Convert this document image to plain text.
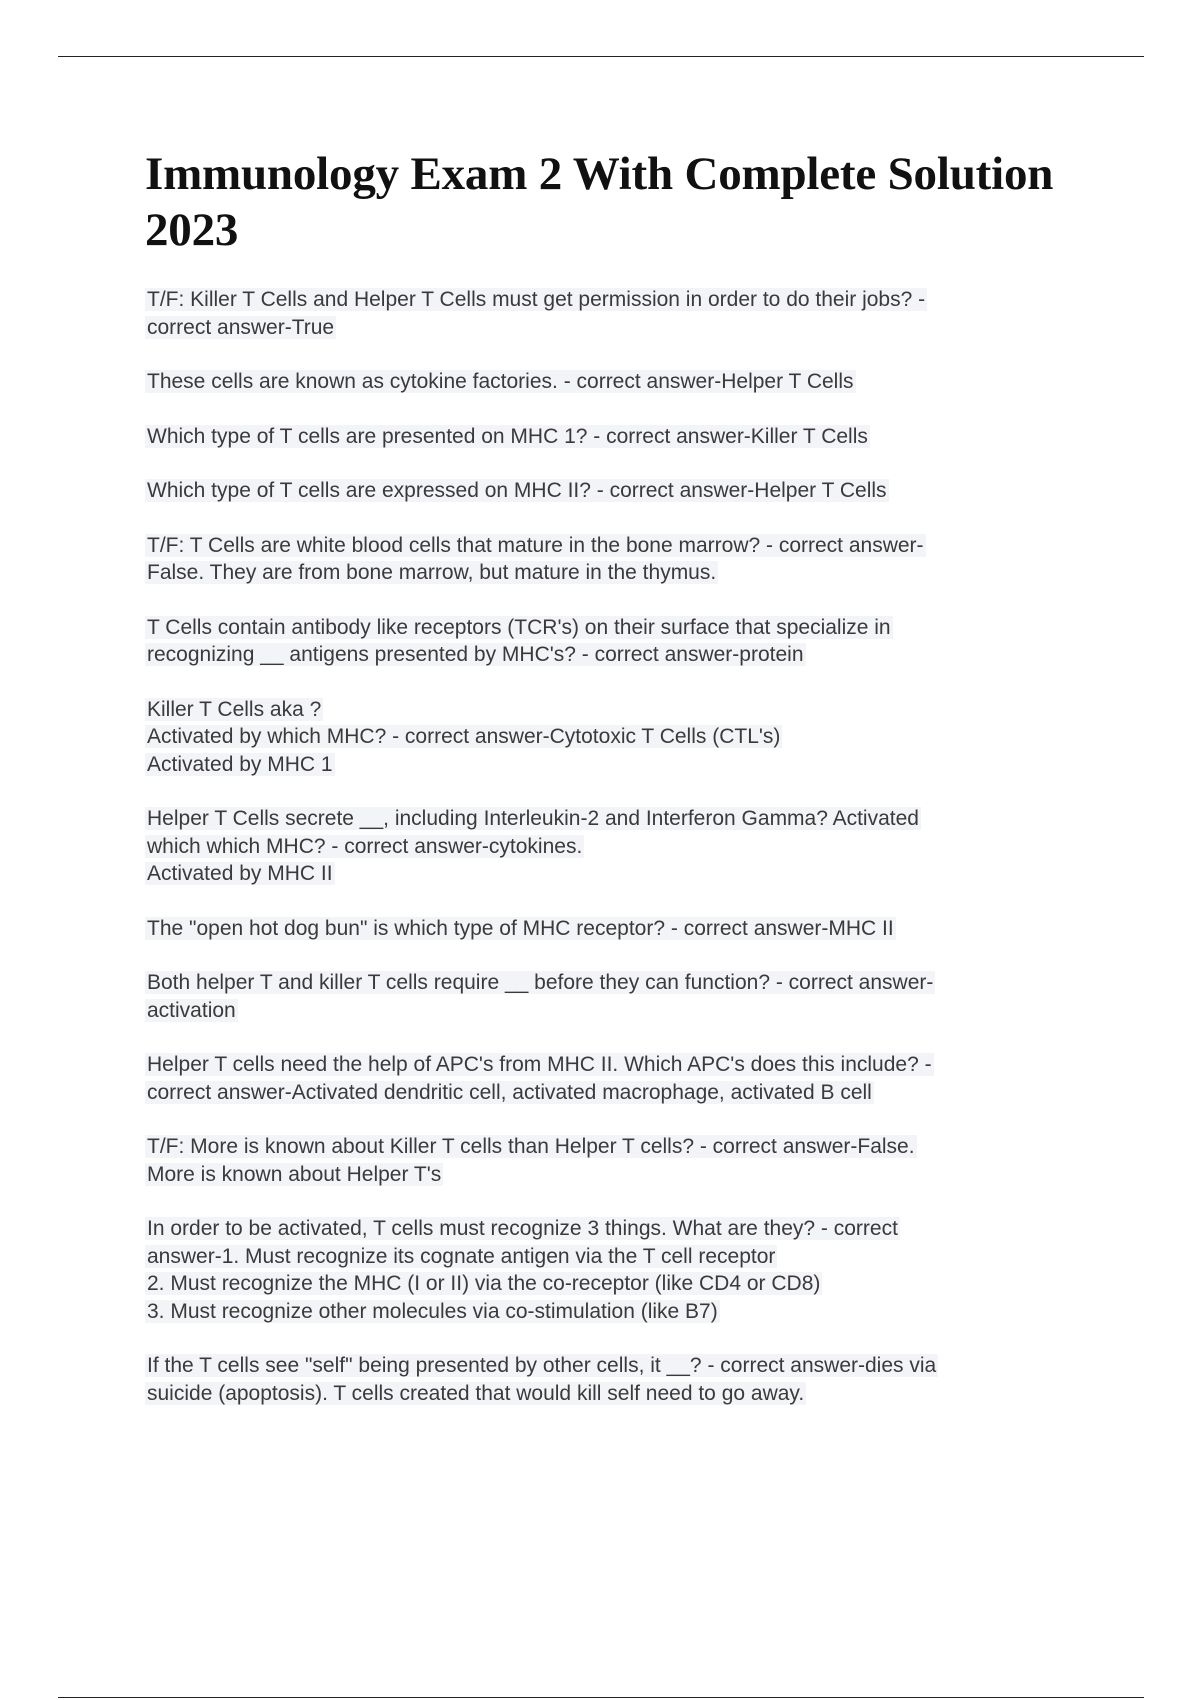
Immunology Exam 2 With Complete Solution 2023
T/F: Killer T Cells and Helper T Cells must get permission in order to do their jobs? -
correct answer-True
These cells are known as cytokine factories. - correct answer-Helper T Cells
Which type of T cells are presented on MHC 1? - correct answer-Killer T Cells
Which type of T cells are expressed on MHC II? - correct answer-Helper T Cells
T/F: T Cells are white blood cells that mature in the bone marrow? - correct answer-
False. They are from bone marrow, but mature in the thymus.
T Cells contain antibody like receptors (TCR's) on their surface that specialize in
recognizing __ antigens presented by MHC's? - correct answer-protein
Killer T Cells aka ?
Activated by which MHC? - correct answer-Cytotoxic T Cells (CTL's)
Activated by MHC 1
Helper T Cells secrete __, including Interleukin-2 and Interferon Gamma? Activated
which which MHC? - correct answer-cytokines.
Activated by MHC II
The "open hot dog bun" is which type of MHC receptor? - correct answer-MHC II
Both helper T and killer T cells require __ before they can function? - correct answer-
activation
Helper T cells need the help of APC's from MHC II. Which APC's does this include? -
correct answer-Activated dendritic cell, activated macrophage, activated B cell
T/F: More is known about Killer T cells than Helper T cells? - correct answer-False.
More is known about Helper T's
In order to be activated, T cells must recognize 3 things. What are they? - correct
answer-1. Must recognize its cognate antigen via the T cell receptor
2. Must recognize the MHC (I or II) via the co-receptor (like CD4 or CD8)
3. Must recognize other molecules via co-stimulation (like B7)
If the T cells see "self" being presented by other cells, it __? - correct answer-dies via
suicide (apoptosis). T cells created that would kill self need to go away.
